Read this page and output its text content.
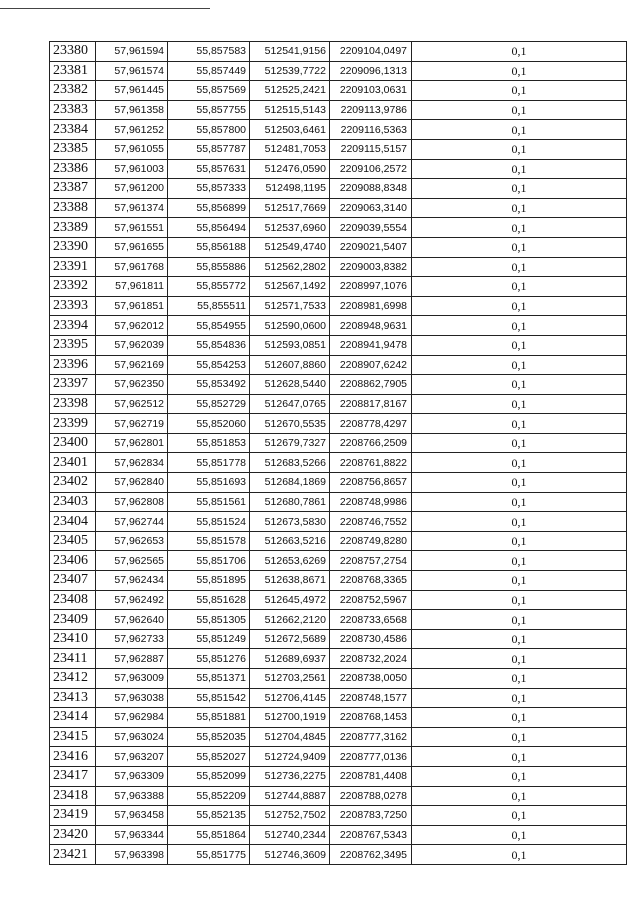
23380	57,961594	55,857583	512541,9156	2209104,0497	0,1
23381	57,961574	55,857449	512539,7722	2209096,1313	0,1
23382	57,961445	55,857569	512525,2421	2209103,0631	0,1
23383	57,961358	55,857755	512515,5143	2209113,9786	0,1
23384	57,961252	55,857800	512503,6461	2209116,5363	0,1
23385	57,961055	55,857787	512481,7053	2209115,5157	0,1
23386	57,961003	55,857631	512476,0590	2209106,2572	0,1
23387	57,961200	55,857333	512498,1195	2209088,8348	0,1
23388	57,961374	55,856899	512517,7669	2209063,3140	0,1
23389	57,961551	55,856494	512537,6960	2209039,5554	0,1
23390	57,961655	55,856188	512549,4740	2209021,5407	0,1
23391	57,961768	55,855886	512562,2802	2209003,8382	0,1
23392	57,961811	55,855772	512567,1492	2208997,1076	0,1
23393	57,961851	55,855511	512571,7533	2208981,6998	0,1
23394	57,962012	55,854955	512590,0600	2208948,9631	0,1
23395	57,962039	55,854836	512593,0851	2208941,9478	0,1
23396	57,962169	55,854253	512607,8860	2208907,6242	0,1
23397	57,962350	55,853492	512628,5440	2208862,7905	0,1
23398	57,962512	55,852729	512647,0765	2208817,8167	0,1
23399	57,962719	55,852060	512670,5535	2208778,4297	0,1
23400	57,962801	55,851853	512679,7327	2208766,2509	0,1
23401	57,962834	55,851778	512683,5266	2208761,8822	0,1
23402	57,962840	55,851693	512684,1869	2208756,8657	0,1
23403	57,962808	55,851561	512680,7861	2208748,9986	0,1
23404	57,962744	55,851524	512673,5830	2208746,7552	0,1
23405	57,962653	55,851578	512663,5216	2208749,8280	0,1
23406	57,962565	55,851706	512653,6269	2208757,2754	0,1
23407	57,962434	55,851895	512638,8671	2208768,3365	0,1
23408	57,962492	55,851628	512645,4972	2208752,5967	0,1
23409	57,962640	55,851305	512662,2120	2208733,6568	0,1
23410	57,962733	55,851249	512672,5689	2208730,4586	0,1
23411	57,962887	55,851276	512689,6937	2208732,2024	0,1
23412	57,963009	55,851371	512703,2561	2208738,0050	0,1
23413	57,963038	55,851542	512706,4145	2208748,1577	0,1
23414	57,962984	55,851881	512700,1919	2208768,1453	0,1
23415	57,963024	55,852035	512704,4845	2208777,3162	0,1
23416	57,963207	55,852027	512724,9409	2208777,0136	0,1
23417	57,963309	55,852099	512736,2275	2208781,4408	0,1
23418	57,963388	55,852209	512744,8887	2208788,0278	0,1
23419	57,963458	55,852135	512752,7502	2208783,7250	0,1
23420	57,963344	55,851864	512740,2344	2208767,5343	0,1
23421	57,963398	55,851775	512746,3609	2208762,3495	0,1
